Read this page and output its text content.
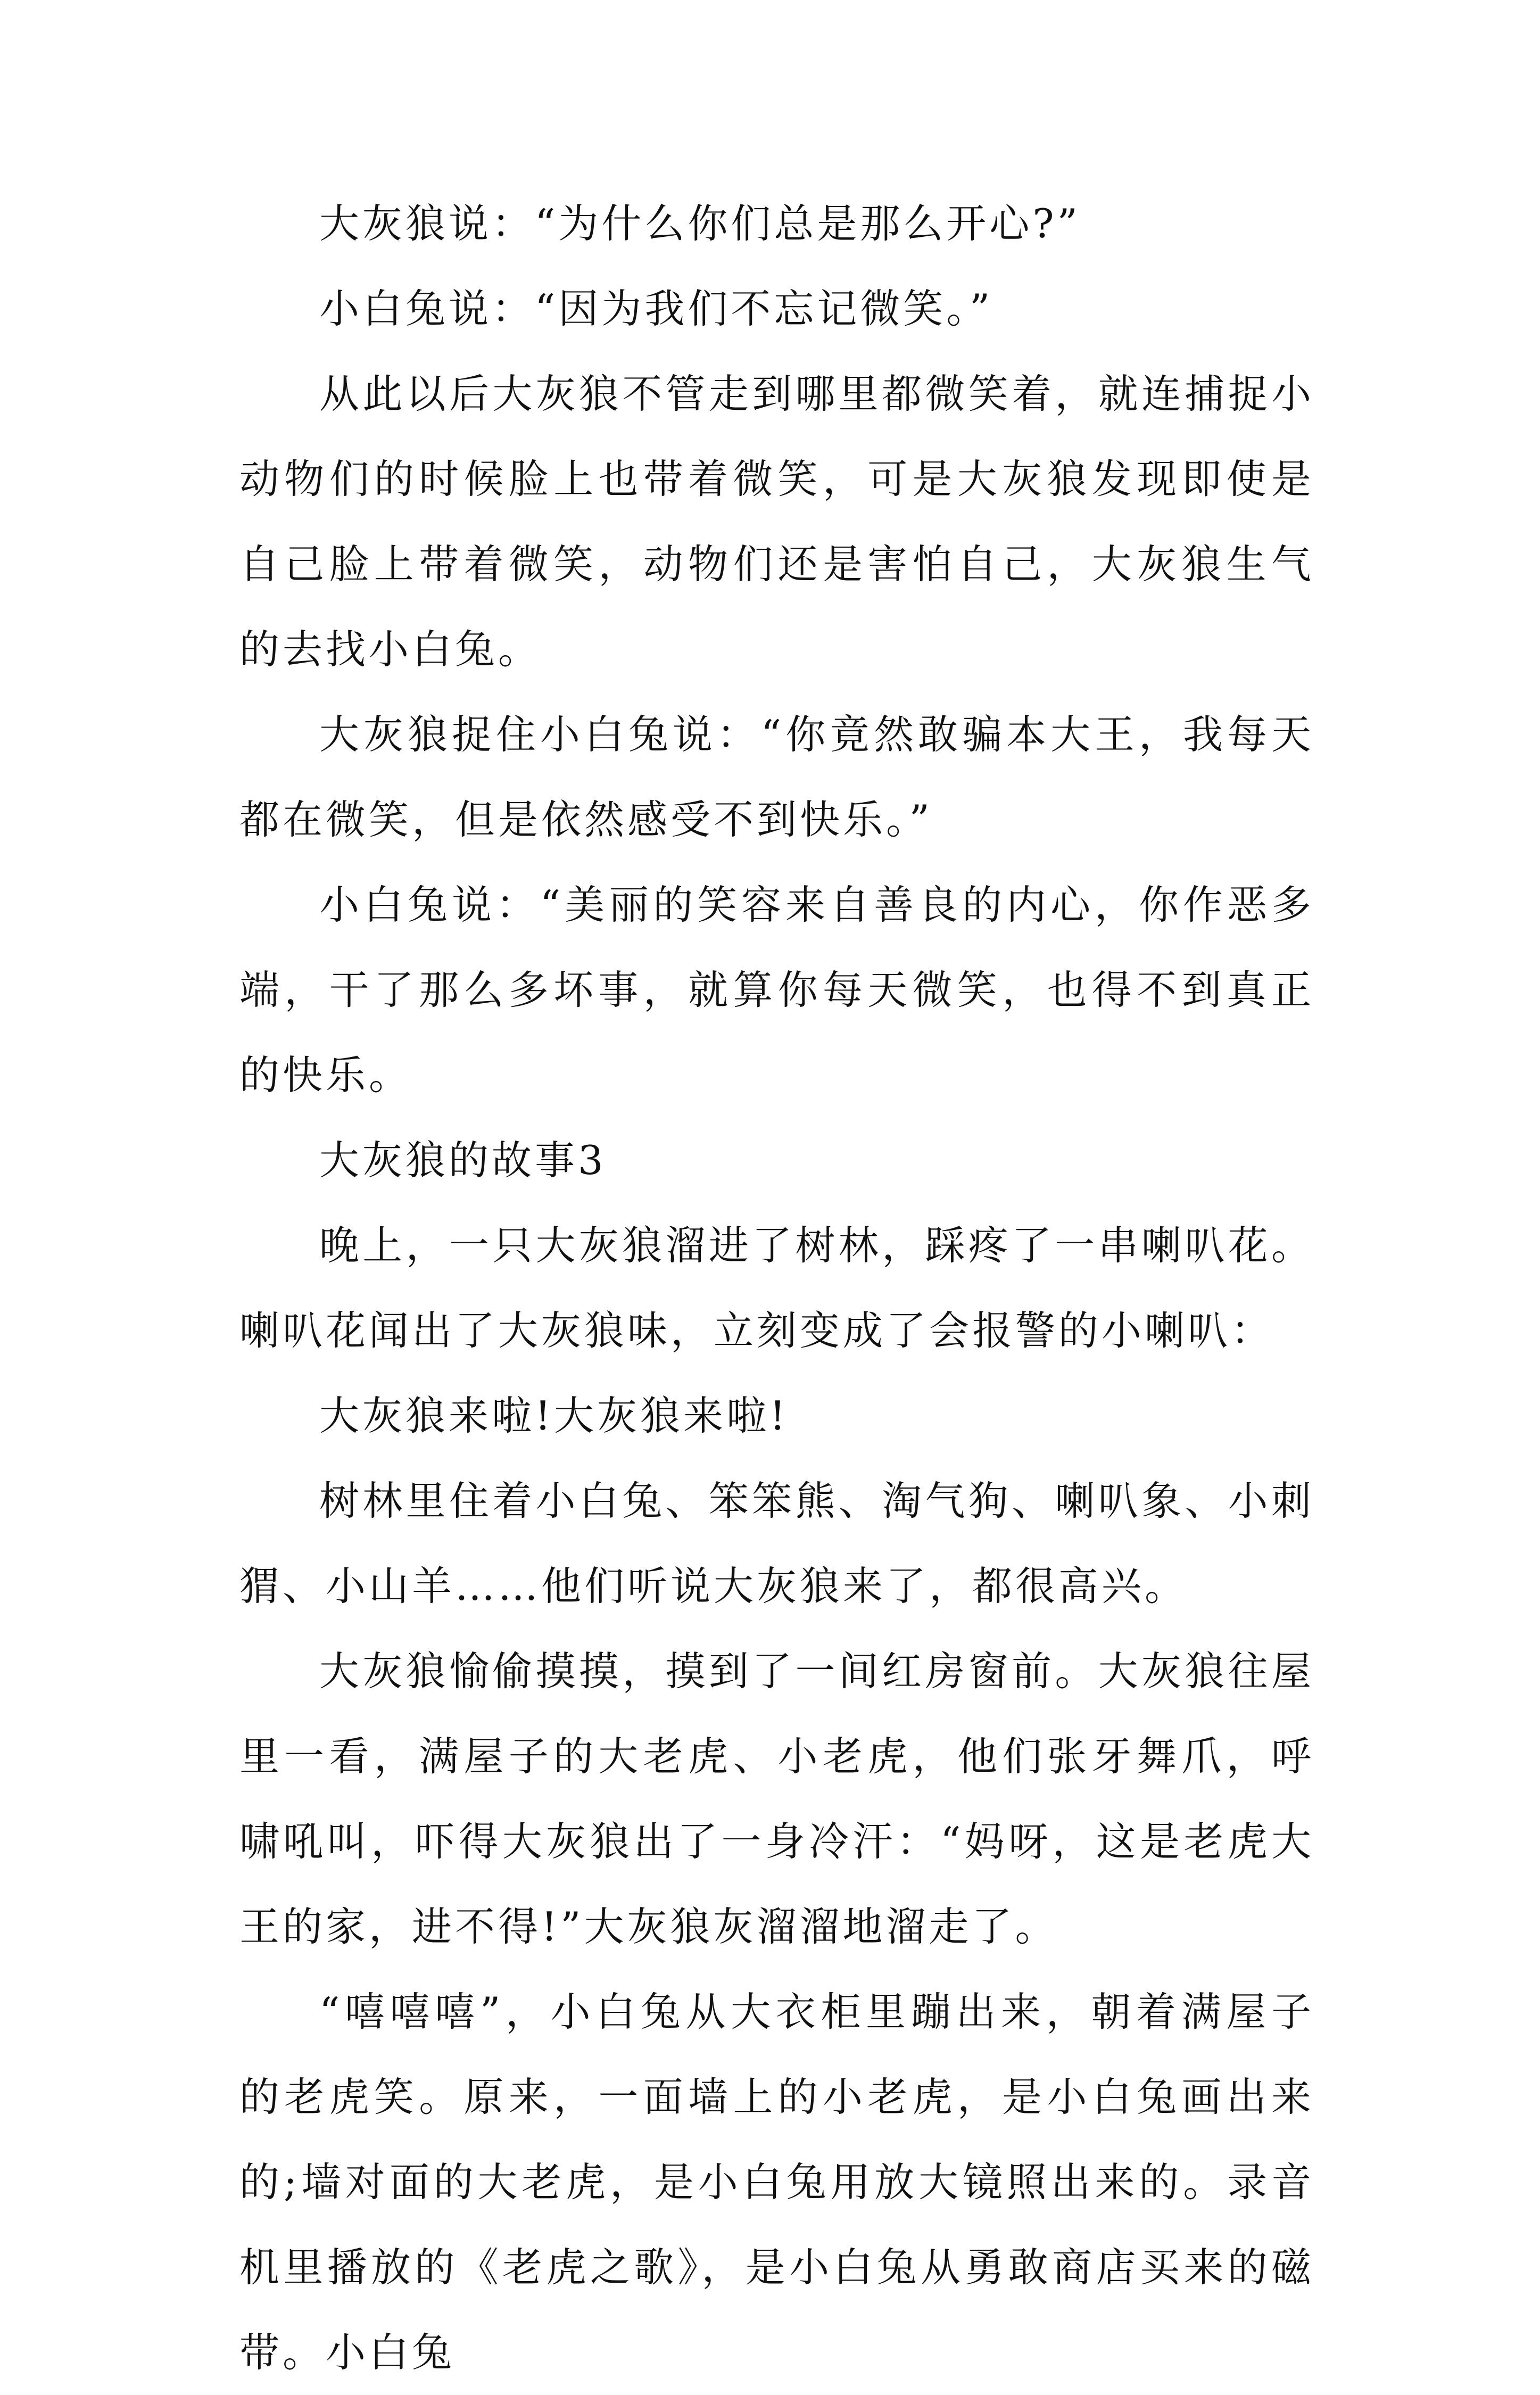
大灰狼说：“为什么你们总是那么开心?”

小白兔说：“因为我们不忘记微笑。”

从此以后大灰狼不管走到哪里都微笑着，就连捕捉小动物们的时候脸上也带着微笑，可是大灰狼发现即使是自己脸上带着微笑，动物们还是害怕自己，大灰狼生气的去找小白兔。

大灰狼捉住小白兔说：“你竟然敢骗本大王，我每天都在微笑，但是依然感受不到快乐。”

小白兔说：“美丽的笑容来自善良的内心，你作恶多端，干了那么多坏事，就算你每天微笑，也得不到真正的快乐。

大灰狼的故事3

晚上，一只大灰狼溜进了树林，踩疼了一串喇叭花。喇叭花闻出了大灰狼味，立刻变成了会报警的小喇叭：

大灰狼来啦!大灰狼来啦!

树林里住着小白兔、笨笨熊、淘气狗、喇叭象、小刺猬、小山羊……他们听说大灰狼来了，都很高兴。

大灰狼愉偷摸摸，摸到了一间红房窗前。大灰狼往屋里一看，满屋子的大老虎、小老虎，他们张牙舞爪，呼啸吼叫，吓得大灰狼出了一身冷汗：“妈呀，这是老虎大王的家，进不得!”大灰狼灰溜溜地溜走了。

“嘻嘻嘻”，小白兔从大衣柜里蹦出来，朝着满屋子的老虎笑。原来，一面墙上的小老虎，是小白兔画出来的;墙对面的大老虎，是小白兔用放大镜照出来的。录音机里播放的《老虎之歌》，是小白兔从勇敢商店买来的磁带。小白兔
